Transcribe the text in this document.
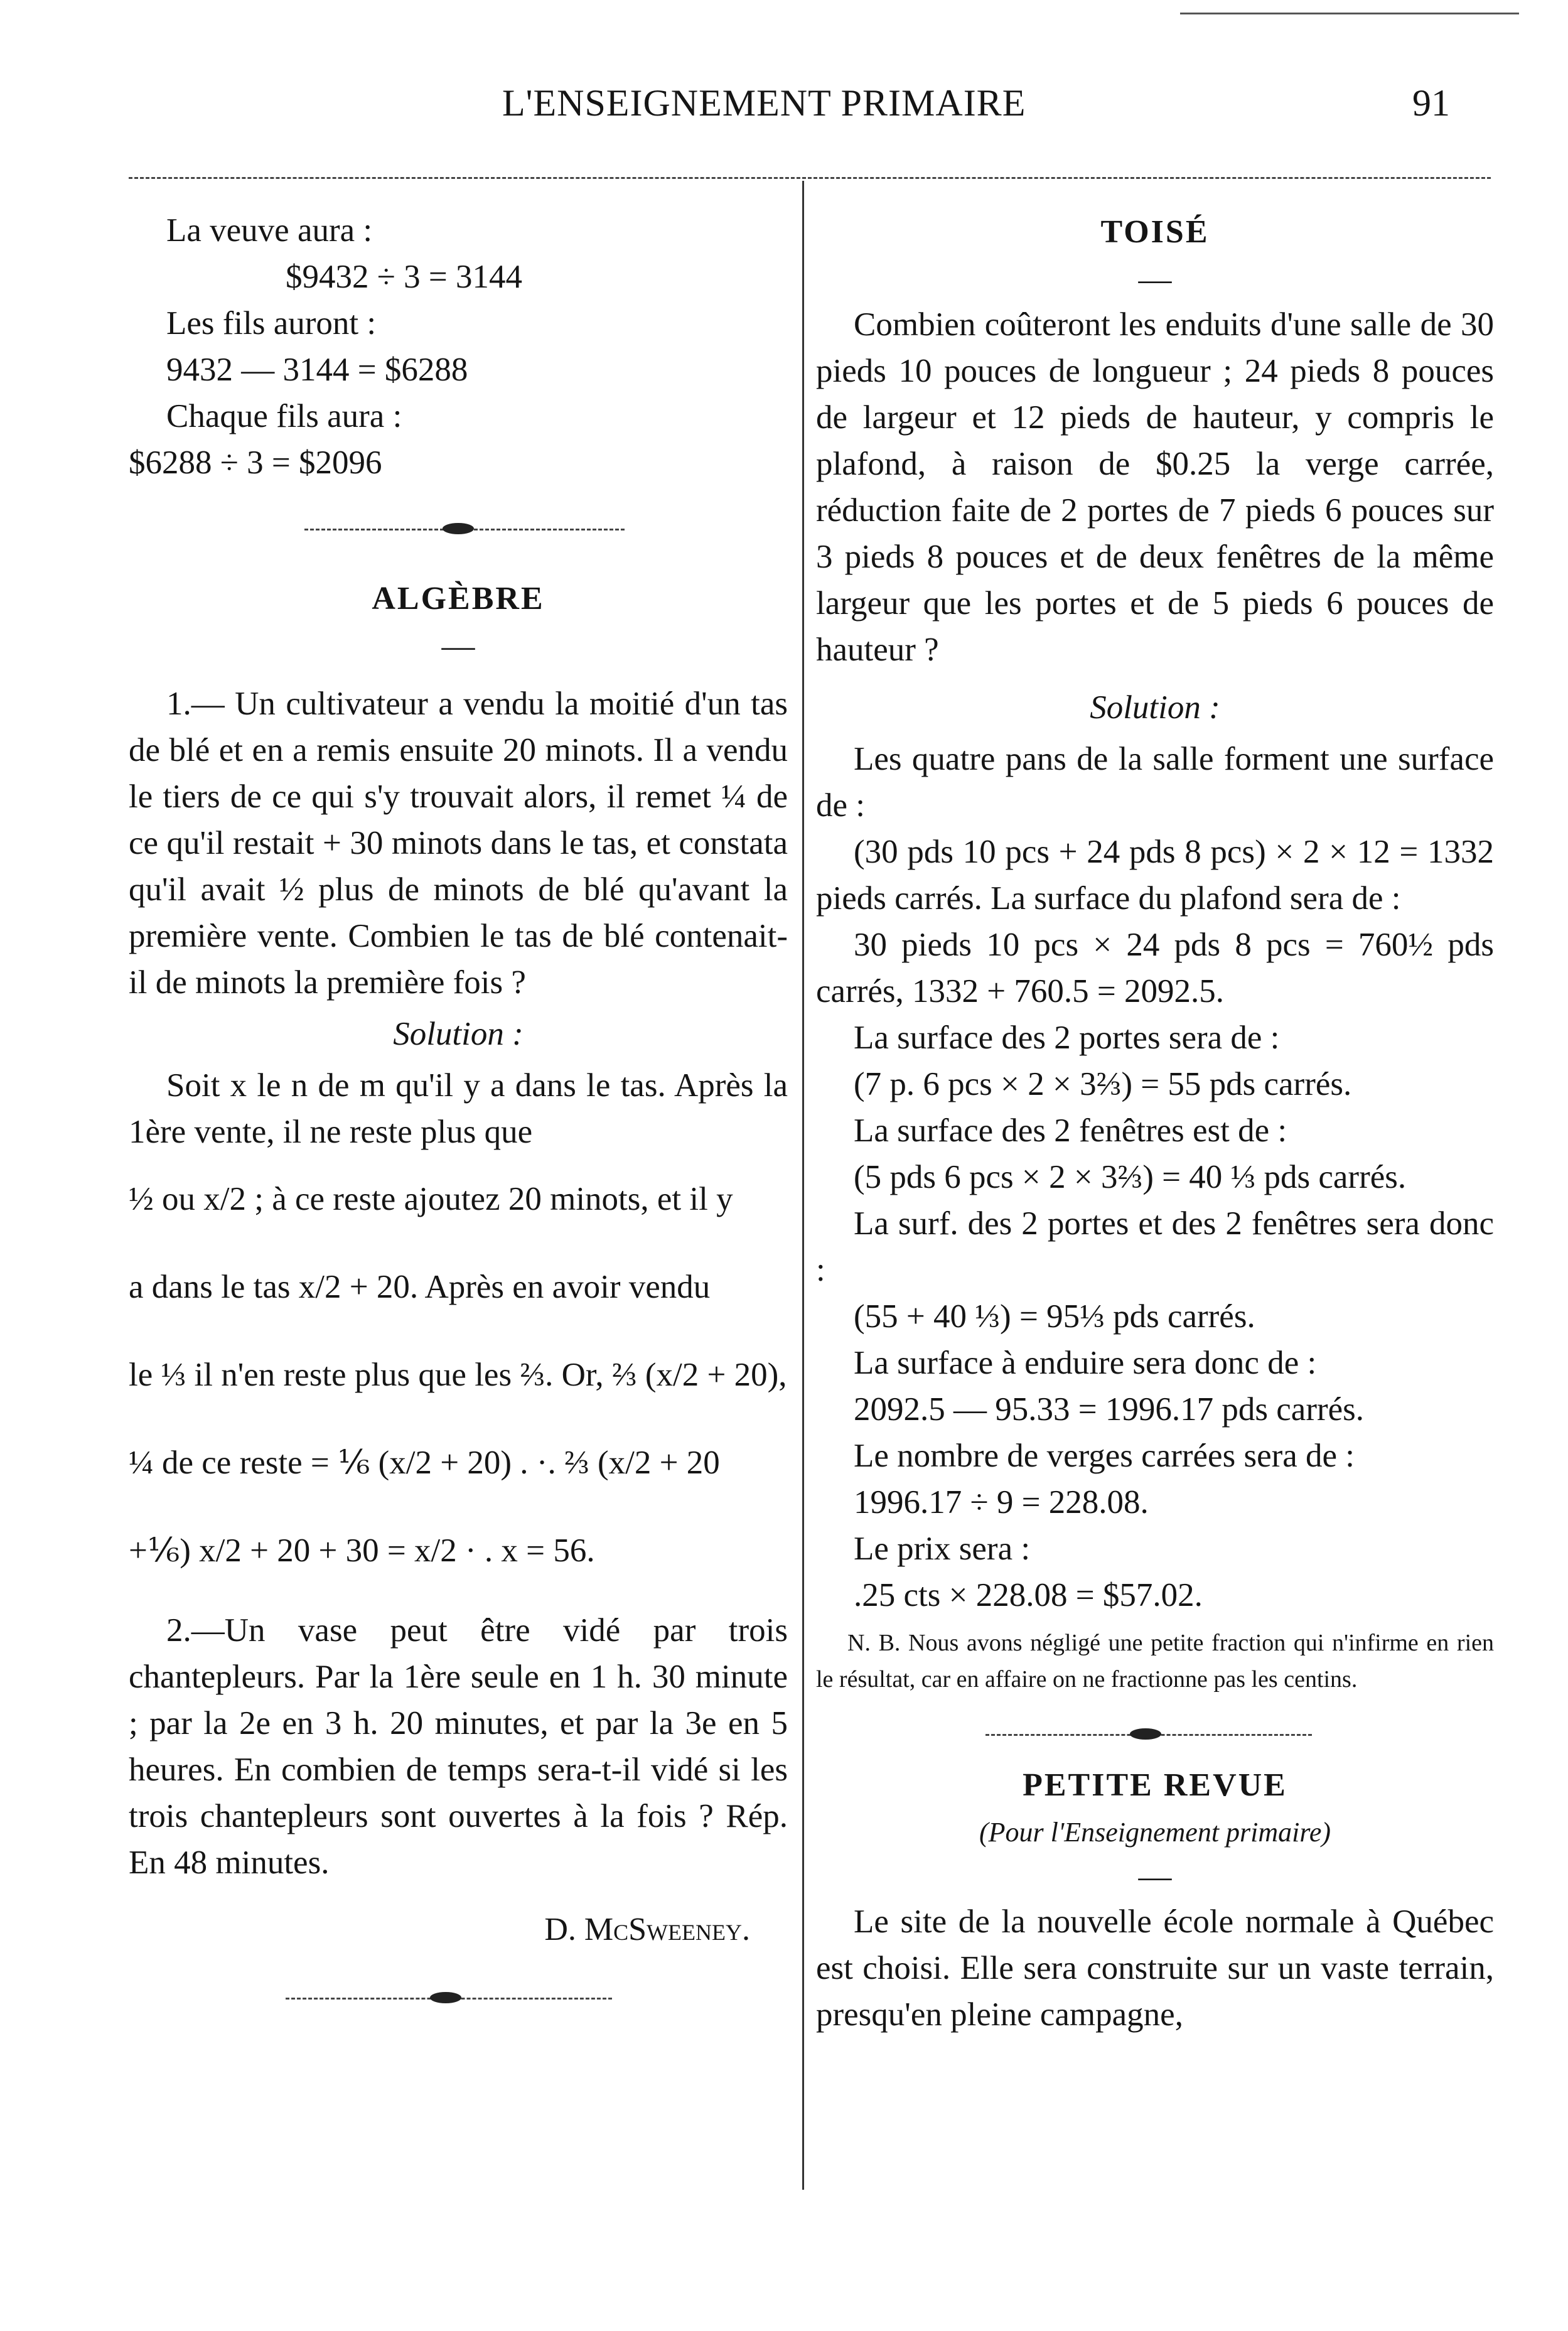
L'ENSEIGNEMENT PRIMAIRE	91

La veuve aura :

$9432 ÷ 3 = 3144

Les fils auront :

9432 — 3144 = $6288

Chaque fils aura :

$6288 ÷ 3 = $2096

ALGÈBRE

—

1.— Un cultivateur a vendu la moitié d'un tas de blé et en a remis ensuite 20 minots. Il a vendu le tiers de ce qui s'y trouvait alors, il remet ¼ de ce qu'il restait + 30 minots dans le tas, et constata qu'il avait ½ plus de minots de blé qu'avant la première vente. Combien le tas de blé contenait-il de minots la première fois ?

Solution :

Soit x le n de m qu'il y a dans le tas. Après la 1ère vente, il ne reste plus que

½ ou x/2 ; à ce reste ajoutez 20 minots, et il y

a dans le tas x/2 + 20. Après en avoir vendu

le ⅓ il n'en reste plus que les ⅔. Or, ⅔ (x/2 + 20),

¼ de ce reste = ⅙ (x/2 + 20) . ·. ⅔ (x/2 + 20

+⅙) x/2 + 20 + 30 = x/2 · . x = 56.

2.—Un vase peut être vidé par trois chantepleurs. Par la 1ère seule en 1 h. 30 minute ; par la 2e en 3 h. 20 minutes, et par la 3e en 5 heures. En combien de temps sera-t-il vidé si les trois chantepleurs sont ouvertes à la fois ? Rép. En 48 minutes.

D. McSweeney.

TOISÉ

—

Combien coûteront les enduits d'une salle de 30 pieds 10 pouces de longueur ; 24 pieds 8 pouces de largeur et 12 pieds de hauteur, y compris le plafond, à raison de $0.25 la verge carrée, réduction faite de 2 portes de 7 pieds 6 pouces sur 3 pieds 8 pouces et de deux fenêtres de la même largeur que les portes et de 5 pieds 6 pouces de hauteur ?

Solution :

Les quatre pans de la salle forment une surface de :

(30 pds 10 pcs + 24 pds 8 pcs) × 2 × 12 = 1332 pieds carrés. La surface du plafond sera de :

30 pieds 10 pcs × 24 pds 8 pcs = 760½ pds carrés, 1332 + 760.5 = 2092.5.

La surface des 2 portes sera de :

(7 p. 6 pcs × 2 × 3⅔) = 55 pds carrés.

La surface des 2 fenêtres est de :

(5 pds 6 pcs × 2 × 3⅔) = 40 ⅓ pds carrés.

La surf. des 2 portes et des 2 fenêtres sera donc :

(55 + 40 ⅓) = 95⅓ pds carrés.

La surface à enduire sera donc de :

2092.5 — 95.33 = 1996.17 pds carrés.

Le nombre de verges carrées sera de :

1996.17 ÷ 9 = 228.08.

Le prix sera :

.25 cts × 228.08 = $57.02.

N. B. Nous avons négligé une petite fraction qui n'infirme en rien le résultat, car en affaire on ne fractionne pas les centins.

PETITE REVUE

(Pour l'Enseignement primaire)

—

Le site de la nouvelle école normale à Québec est choisi. Elle sera construite sur un vaste terrain, presqu'en pleine campagne,
